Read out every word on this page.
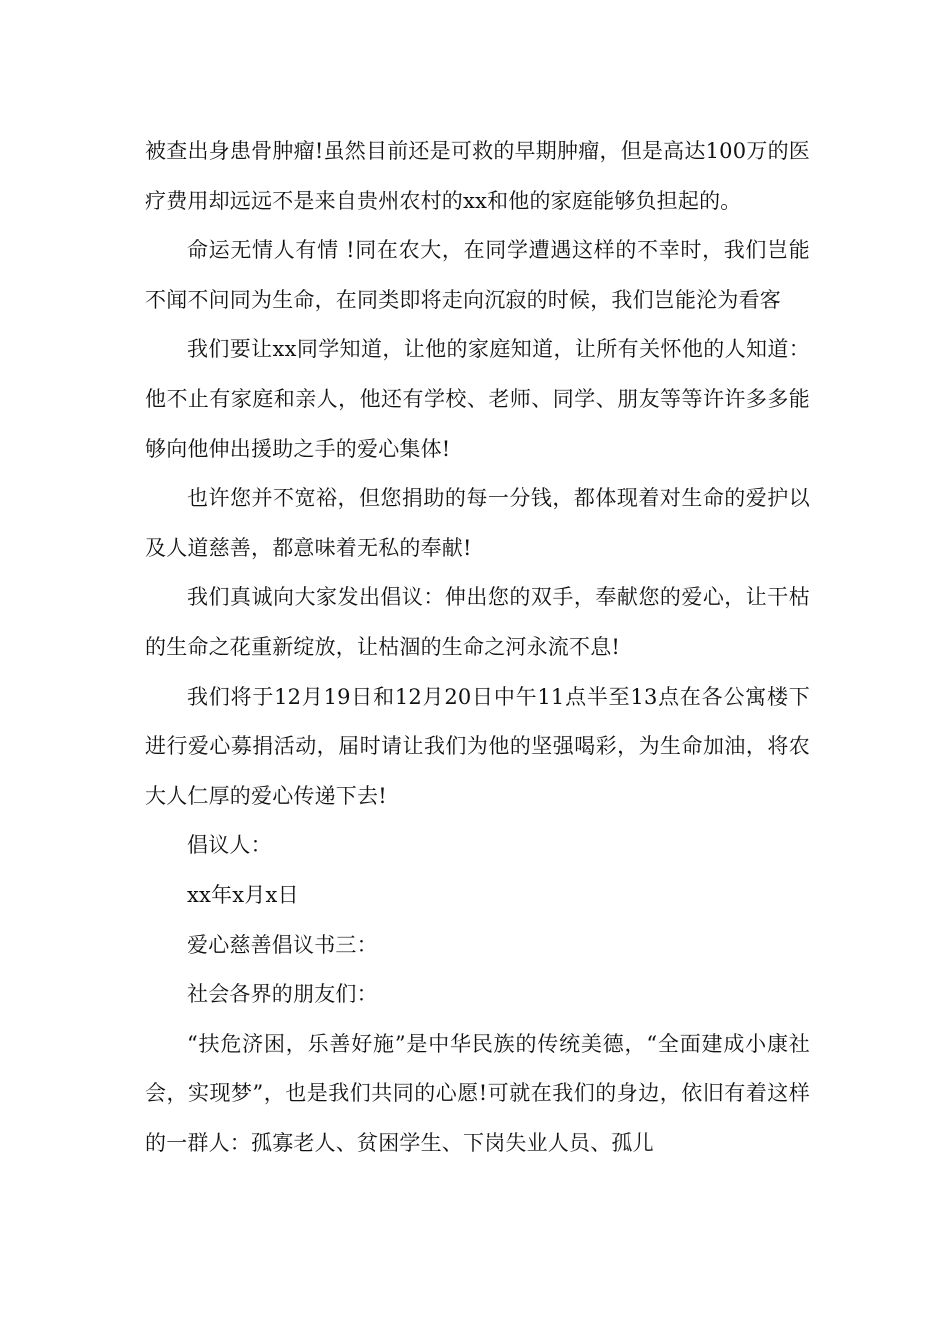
被查出身患骨肿瘤!虽然目前还是可救的早期肿瘤，但是高达100万的医疗费用却远远不是来自贵州农村的xx和他的家庭能够负担起的。

命运无情人有情 !同在农大，在同学遭遇这样的不幸时，我们岂能不闻不问同为生命，在同类即将走向沉寂的时候，我们岂能沦为看客

我们要让xx同学知道，让他的家庭知道，让所有关怀他的人知道：他不止有家庭和亲人，他还有学校、老师、同学、朋友等等许许多多能够向他伸出援助之手的爱心集体!

也许您并不宽裕，但您捐助的每一分钱，都体现着对生命的爱护以及人道慈善，都意味着无私的奉献!

我们真诚向大家发出倡议：伸出您的双手，奉献您的爱心，让干枯的生命之花重新绽放，让枯涸的生命之河永流不息!

我们将于12月19日和12月20日中午11点半至13点在各公寓楼下进行爱心募捐活动，届时请让我们为他的坚强喝彩，为生命加油，将农大人仁厚的爱心传递下去!

倡议人：

xx年x月x日

爱心慈善倡议书三：

社会各界的朋友们：

“扶危济困，乐善好施”是中华民族的传统美德，“全面建成小康社会，实现梦”，也是我们共同的心愿!可就在我们的身边，依旧有着这样的一群人：孤寡老人、贫困学生、下岗失业人员、孤儿
